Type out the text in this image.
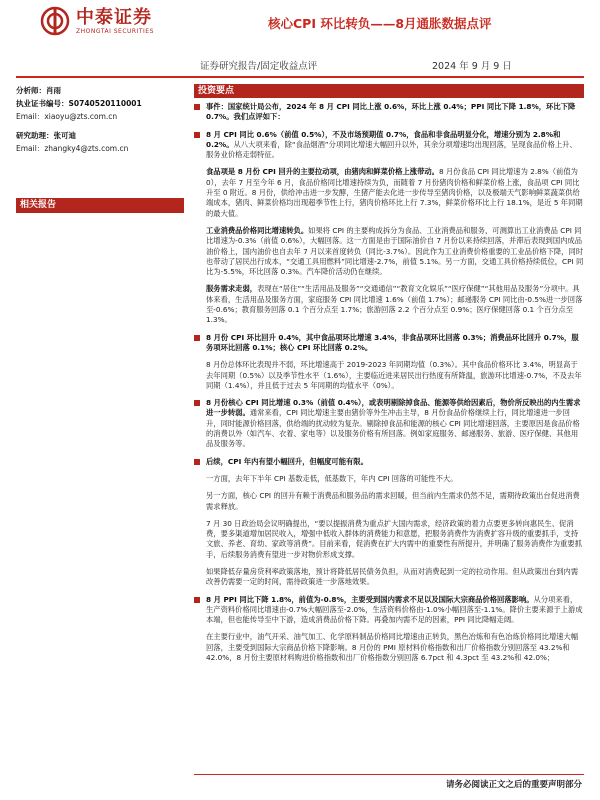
中泰证券
ZHONGTAI SECURITIES	核心CPI 环比转负——8月通胀数据点评
证券研究报告/固定收益点评	2024 年 9 月 9 日
分析师：肖雨
执业证书编号：S0740520110001
Email：xiaoyu@zts.com.cn
研究助理：张可迪
Email：zhangky4@zts.com.cn
相关报告
投资要点
事件：国家统计局公布，2024 年 8 月 CPI 同比上涨 0.6%，环比上涨 0.4%；PPI 同比下降 1.8%，环比下降 0.7%。我们点评如下：
8 月 CPI 同比 0.6%（前值 0.5%），不及市场预期值 0.7%，食品和非食品明显分化，增速分别为 2.8%和 0.2%。从八大项来看，除“食品烟酒”分项同比增速大幅回升以外，其余分项增速均出现回落，呈现食品价格上升、服务业价格走弱特征。
食品项是 8 月份 CPI 回升的主要拉动项，由猪肉和鲜菜价格上涨带动。8 月份食品 CPI 同比增速为 2.8%（前值为 0），去年 7 月至今年 6 月，食品价格同比增速持续为负，而随着 7 月份猪肉价格和鲜菜价格上涨，食品项 CPI 同比升至 0 附近。8 月份，供给冲击进一步发酵，生猪产能去化进一步传导至猪肉价格，以及极端天气影响鲜菜蔬菜供给端成本，猪肉、鲜菜价格均出现超季节性上行，猪肉价格环比上行 7.3%，鲜菜价格环比上行 18.1%，是近 5 年同期的最大值。
工业消费品价格同比增速转负。如果将 CPI 的主要构成拆分为食品、工业消费品和服务，可测算出工业消费品 CPI 同比增速为-0.3%（前值 0.6%），大幅回落。这一方面是由于国际油价自 7 月份以来持续回落，并滞后表现到国内成品油价格上，国内油价也自去年 7 月以来首度转负（同比-3.7%）。因此作为工业消费价格重要的工业品价格下降，同时也带动了居民出行成本，“交通工具用燃料”同比增速-2.7%，前值 5.1%。另一方面，交通工具价格持续低位，CPI 同比为-5.5%，环比回落 0.3%。汽车降价活动仍在继续。
服务需求走弱，表现在“居住”“生活用品及服务”“交通通信”“教育文化娱乐”“医疗保健”“其他用品及服务”分项中。具体来看，生活用品及服务方面，家庭服务 CPI 同比增速 1.6%（前值 1.7%）；邮递服务 CPI 同比由-0.5%进一步回落至-0.6%；教育服务回落 0.1 个百分点至 1.7%；旅游回落 2.2 个百分点至 0.9%；医疗保健回落 0.1 个百分点至 1.3%。
8 月份 CPI 环比回升 0.4%，其中食品项环比增速 3.4%，非食品项环比回落 0.3%；消费品环比回升 0.7%，服务项环比回落 0.1%；核心 CPI 环比回落 0.2%。
8 月份总体环比表现并不弱，环比增速高于 2019-2023 年同期均值（0.3%）。其中食品价格环比 3.4%，明显高于去年同期（0.5%）以及季节性水平（1.6%），主要临近进来居民出行热度有所降温，旅游环比增速-0.7%，不及去年同期（1.4%），并且低于过去 5 年同期的均值水平（0%）。
8 月份核心 CPI 同比增速 0.3%（前值 0.4%），或表明剔除掉食品、能源等供给因素后，物价所反映出的内生需求进一步转弱。通常来看，CPI 同比增速主要由猪价等外生冲击主导，8 月份食品价格继续上行，同比增速进一步回升，同时能源价格回落，供给端的扰动较为复杂。剔除掉食品和能源的核心 CPI 同比增速回落，主要原因是食品价格的消费以外（如汽车、衣着、家电等）以及服务价格有所回落。例如家庭服务、邮递服务、旅游、医疗保健、其他用品及服务等。
后续，CPI 年内有望小幅回升，但幅度可能有限。
一方面，去年下半年 CPI 基数走低，低基数下，年内 CPI 回落的可能性不大。
另一方面，核心 CPI 的回升有赖于消费品和服务品的需求回暖，但当前内生需求仍然不足，需期待政策出台促进消费需求释放。
7 月 30 日政治局会议明确提出，“要以提振消费为重点扩大国内需求，经济政策的着力点要更多转向惠民生、促消费，要多渠道增加居民收入，增强中低收入群体的消费能力和意愿，把服务消费作为消费扩容升级的重要抓手，支持文旅、养老、育幼、家政等消费”。目前来看，促消费在扩大内需中的重要性有所提升，并明确了服务消费作为重要抓手，后续服务消费有望进一步对物价形成支撑。
如果降低存量房贷利率政策落地，预计将降低居民债务负担，从而对消费起到一定的拉动作用。但从政策出台到内需改善仍需要一定的时间，需待政策进一步落地效果。
8 月 PPI 同比下降 1.8%，前值为-0.8%，主要受到国内需求不足以及国际大宗商品价格回落影响。从分项来看，生产资料价格同比增速由-0.7%大幅回落至-2.0%，生活资料价格由-1.0%小幅回落至-1.1%。降价主要来源于上游成本端，但也能传导至中下游，造成消费品价格下降。再叠加内需不足的因素，PPI 同比降幅走阔。
在主要行业中，油气开采、油气加工、化学原料制品价格同比增速由正转负，黑色冶炼和有色冶炼价格同比增速大幅回落，主要受到国际大宗商品价格下降影响。8 月份的 PMI 原材料价格指数和出厂价格指数分别回落至 43.2%和 42.0%，8 月份主要原材料购进价格指数和出厂价格指数分别回落 6.7pct 和 4.3pct 至 43.2%和 42.0%；
请务必阅读正文之后的重要声明部分
